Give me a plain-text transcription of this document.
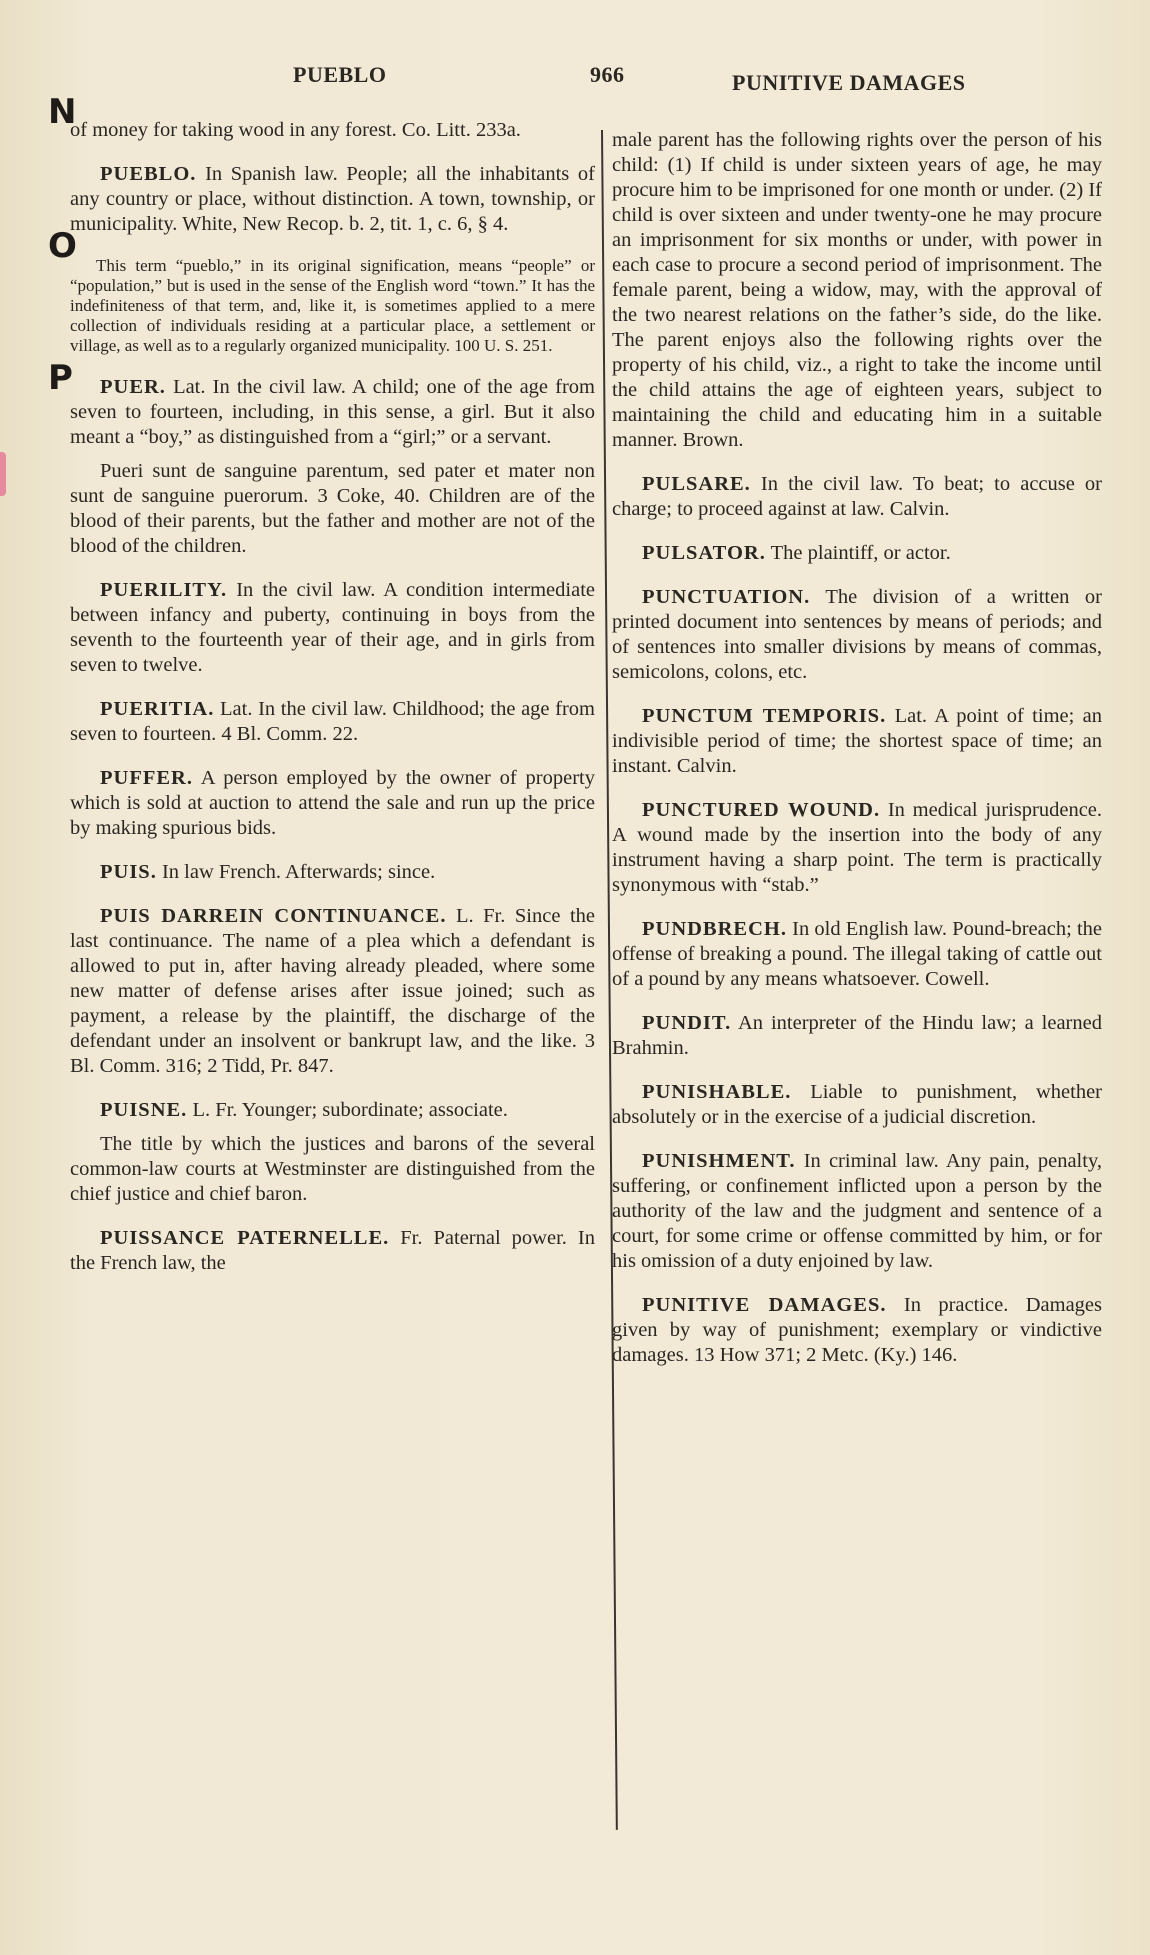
PUEBLO	966	PUNITIVE DAMAGES
N
O
P

of money for taking wood in any forest. Co. Litt. 233a.

PUEBLO. In Spanish law. People; all the inhabitants of any country or place, without distinction. A town, township, or municipality. White, New Recop. b. 2, tit. 1, c. 6, § 4.

This term “pueblo,” in its original signification, means “people” or “population,” but is used in the sense of the English word “town.” It has the indefiniteness of that term, and, like it, is sometimes applied to a mere collection of individuals residing at a particular place, a settlement or village, as well as to a regularly organized municipality. 100 U. S. 251.

PUER. Lat. In the civil law. A child; one of the age from seven to fourteen, including, in this sense, a girl. But it also meant a “boy,” as distinguished from a “girl;” or a servant.

Pueri sunt de sanguine parentum, sed pater et mater non sunt de sanguine puerorum. 3 Coke, 40. Children are of the blood of their parents, but the father and mother are not of the blood of the children.

PUERILITY. In the civil law. A condition intermediate between infancy and puberty, continuing in boys from the seventh to the fourteenth year of their age, and in girls from seven to twelve.

PUERITIA. Lat. In the civil law. Childhood; the age from seven to fourteen. 4 Bl. Comm. 22.

PUFFER. A person employed by the owner of property which is sold at auction to attend the sale and run up the price by making spurious bids.

PUIS. In law French. Afterwards; since.

PUIS DARREIN CONTINUANCE. L. Fr. Since the last continuance. The name of a plea which a defendant is allowed to put in, after having already pleaded, where some new matter of defense arises after issue joined; such as payment, a release by the plaintiff, the discharge of the defendant under an insolvent or bankrupt law, and the like. 3 Bl. Comm. 316; 2 Tidd, Pr. 847.

PUISNE. L. Fr. Younger; subordinate; associate.

The title by which the justices and barons of the several common-law courts at Westminster are distinguished from the chief justice and chief baron.

PUISSANCE PATERNELLE. Fr. Paternal power. In the French law, the

male parent has the following rights over the person of his child: (1) If child is under sixteen years of age, he may procure him to be imprisoned for one month or under. (2) If child is over sixteen and under twenty-one he may procure an imprisonment for six months or under, with power in each case to procure a second period of imprisonment. The female parent, being a widow, may, with the approval of the two nearest relations on the father’s side, do the like. The parent enjoys also the following rights over the property of his child, viz., a right to take the income until the child attains the age of eighteen years, subject to maintaining the child and educating him in a suitable manner. Brown.

PULSARE. In the civil law. To beat; to accuse or charge; to proceed against at law. Calvin.

PULSATOR. The plaintiff, or actor.

PUNCTUATION. The division of a written or printed document into sentences by means of periods; and of sentences into smaller divisions by means of commas, semicolons, colons, etc.

PUNCTUM TEMPORIS. Lat. A point of time; an indivisible period of time; the shortest space of time; an instant. Calvin.

PUNCTURED WOUND. In medical jurisprudence. A wound made by the insertion into the body of any instrument having a sharp point. The term is practically synonymous with “stab.”

PUNDBRECH. In old English law. Pound-breach; the offense of breaking a pound. The illegal taking of cattle out of a pound by any means whatsoever. Cowell.

PUNDIT. An interpreter of the Hindu law; a learned Brahmin.

PUNISHABLE. Liable to punishment, whether absolutely or in the exercise of a judicial discretion.

PUNISHMENT. In criminal law. Any pain, penalty, suffering, or confinement inflicted upon a person by the authority of the law and the judgment and sentence of a court, for some crime or offense committed by him, or for his omission of a duty enjoined by law.

PUNITIVE DAMAGES. In practice. Damages given by way of punishment; exemplary or vindictive damages. 13 How 371; 2 Metc. (Ky.) 146.
